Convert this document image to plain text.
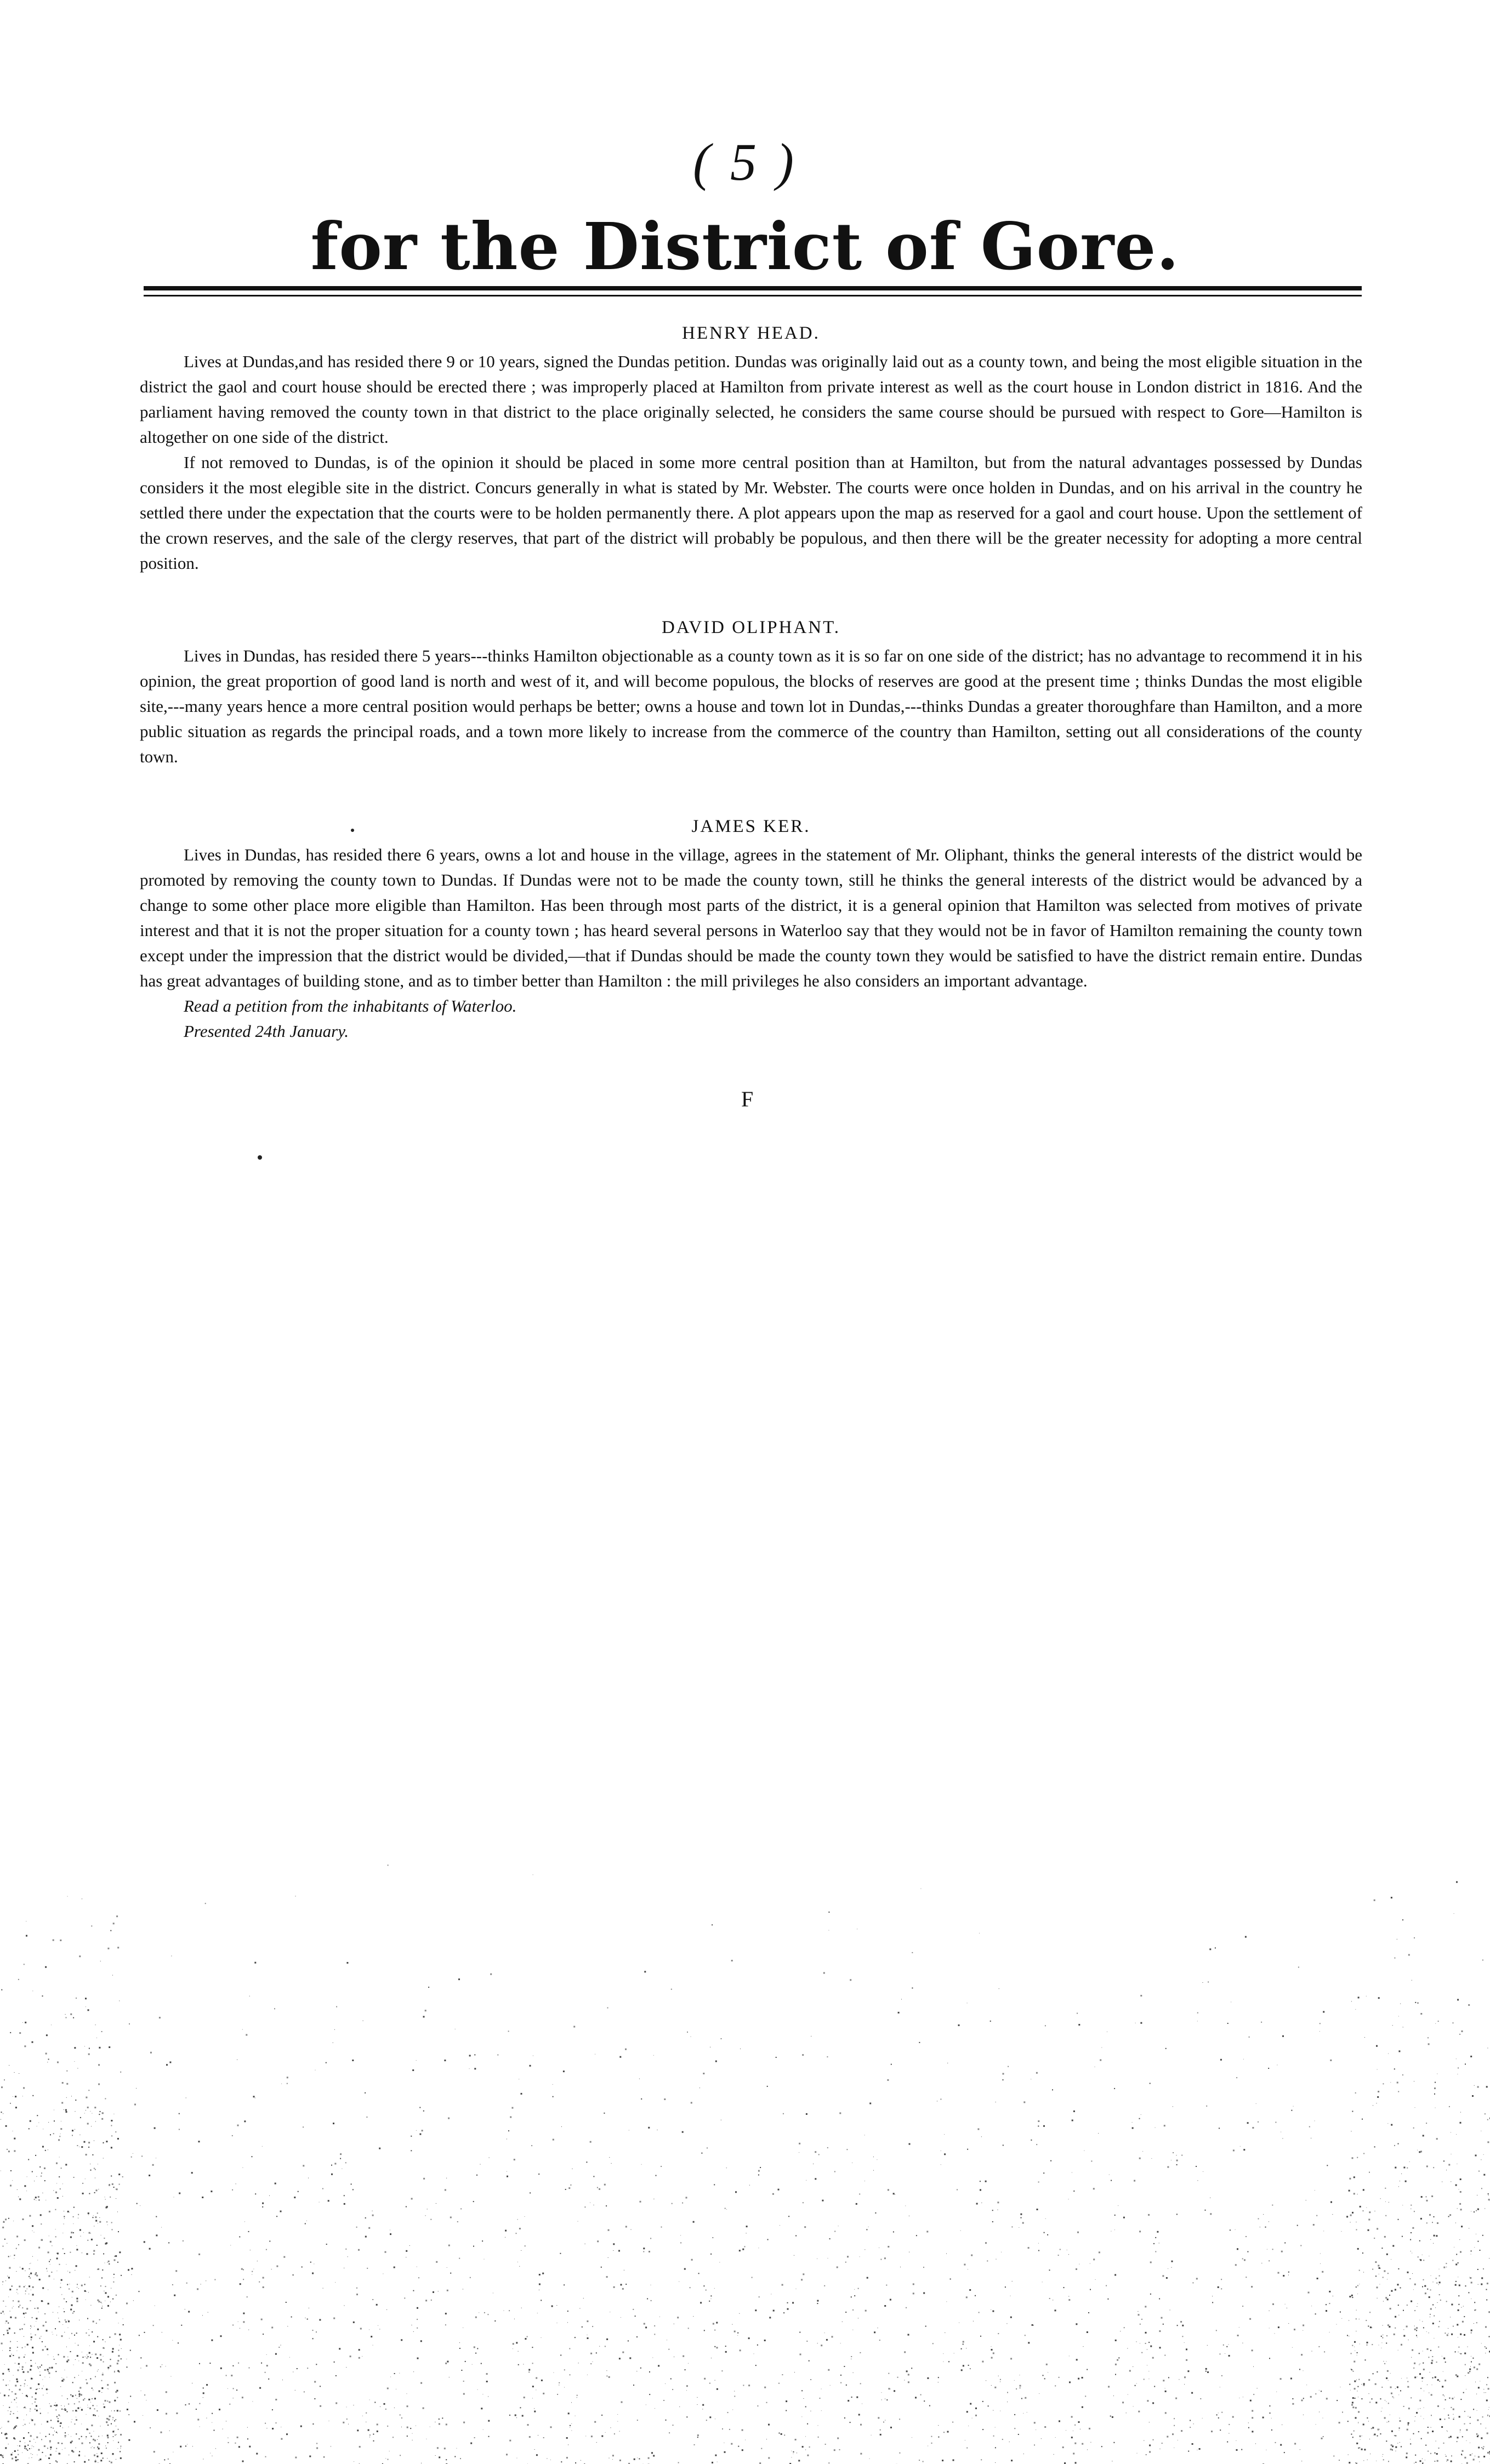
( 5 )
for the District of Gore.
HENRY HEAD.

Lives at Dundas,and has resided there 9 or 10 years, signed the Dundas petition. Dundas was originally laid out as a county town, and being the most eligible situation in the district the gaol and court house should be erected there ; was improperly placed at Hamilton from private interest as well as the court house in London district in 1816. And the parliament having removed the county town in that district to the place originally selected, he considers the same course should be pursued with respect to Gore—Hamilton is altogether on one side of the district.

If not removed to Dundas, is of the opinion it should be placed in some more central position than at Hamilton, but from the natural advantages possessed by Dundas considers it the most elegible site in the district. Concurs generally in what is stated by Mr. Webster. The courts were once holden in Dundas, and on his arrival in the country he settled there under the expectation that the courts were to be holden permanently there. A plot appears upon the map as reserved for a gaol and court house. Upon the settlement of the crown reserves, and the sale of the clergy reserves, that part of the district will probably be populous, and then there will be the greater necessity for adopting a more central position.

DAVID OLIPHANT.

Lives in Dundas, has resided there 5 years---thinks Hamilton objectionable as a county town as it is so far on one side of the district; has no advantage to recommend it in his opinion, the great proportion of good land is north and west of it, and will become populous, the blocks of reserves are good at the present time ; thinks Dundas the most eligible site,---many years hence a more central position would perhaps be better; owns a house and town lot in Dundas,---thinks Dundas a greater thoroughfare than Hamilton, and a more public situation as regards the principal roads, and a town more likely to increase from the commerce of the country than Hamilton, setting out all considerations of the county town.

JAMES KER.

Lives in Dundas, has resided there 6 years, owns a lot and house in the village, agrees in the statement of Mr. Oliphant, thinks the general interests of the district would be promoted by removing the county town to Dundas. If Dundas were not to be made the county town, still he thinks the general interests of the district would be advanced by a change to some other place more eligible than Hamilton. Has been through most parts of the district, it is a general opinion that Hamilton was selected from motives of private interest and that it is not the proper situation for a county town ; has heard several persons in Waterloo say that they would not be in favor of Hamilton remaining the county town except under the impression that the district would be divided,—that if Dundas should be made the county town they would be satisfied to have the district remain entire. Dundas has great advantages of building stone, and as to timber better than Hamilton : the mill privileges he also considers an important advantage.

Read a petition from the inhabitants of Waterloo.

Presented 24th January.

F
